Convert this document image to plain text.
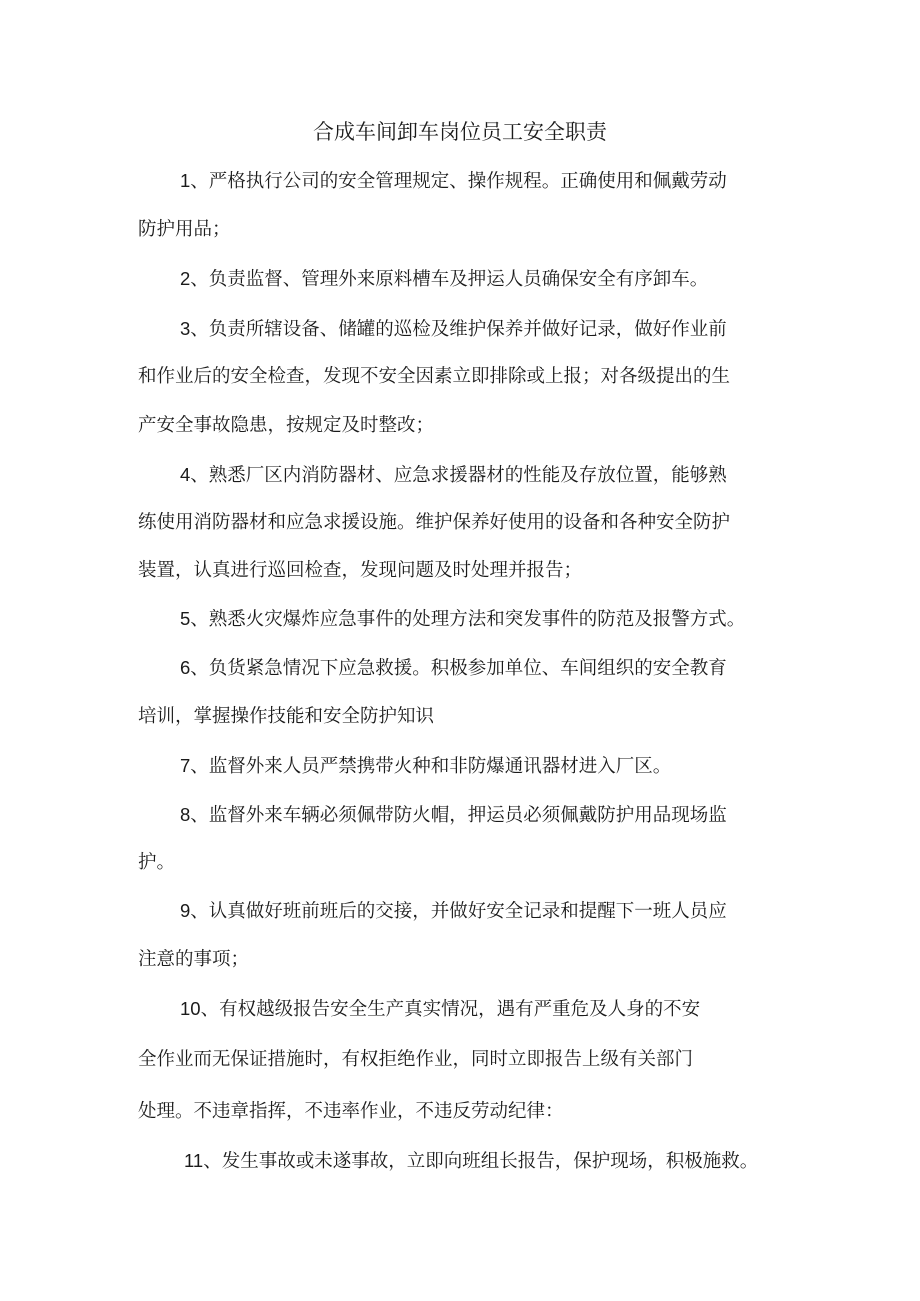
合成车间卸车岗位员工安全职责
1、严格执行公司的安全管理规定、操作规程。正确使用和佩戴劳动
防护用品；
2、负责监督、管理外来原料槽车及押运人员确保安全有序卸车。
3、负责所辖设备、储罐的巡检及维护保养并做好记录，做好作业前
和作业后的安全检查，发现不安全因素立即排除或上报；对各级提出的生
产安全事故隐患，按规定及时整改；
4、熟悉厂区内消防器材、应急求援器材的性能及存放位置，能够熟
练使用消防器材和应急求援设施。维护保养好使用的设备和各种安全防护
装置，认真进行巡回检查，发现问题及时处理并报告；
5、熟悉火灾爆炸应急事件的处理方法和突发事件的防范及报警方式。
6、负货紧急情况下应急救援。积极参加单位、车间组织的安全教育
培训，掌握操作技能和安全防护知识
7、监督外来人员严禁携带火种和非防爆通讯器材进入厂区。
8、监督外来车辆必须佩带防火帽，押运员必须佩戴防护用品现场监
护。
9、认真做好班前班后的交接，并做好安全记录和提醒下一班人员应
注意的事项；
10、有权越级报告安全生产真实情况，遇有严重危及人身的不安
全作业而无保证措施时，有权拒绝作业，同时立即报告上级有关部门
处理。不违章指挥，不违率作业，不违反劳动纪律：
11、发生事故或未遂事故，立即向班组长报告，保护现场，积极施救。
